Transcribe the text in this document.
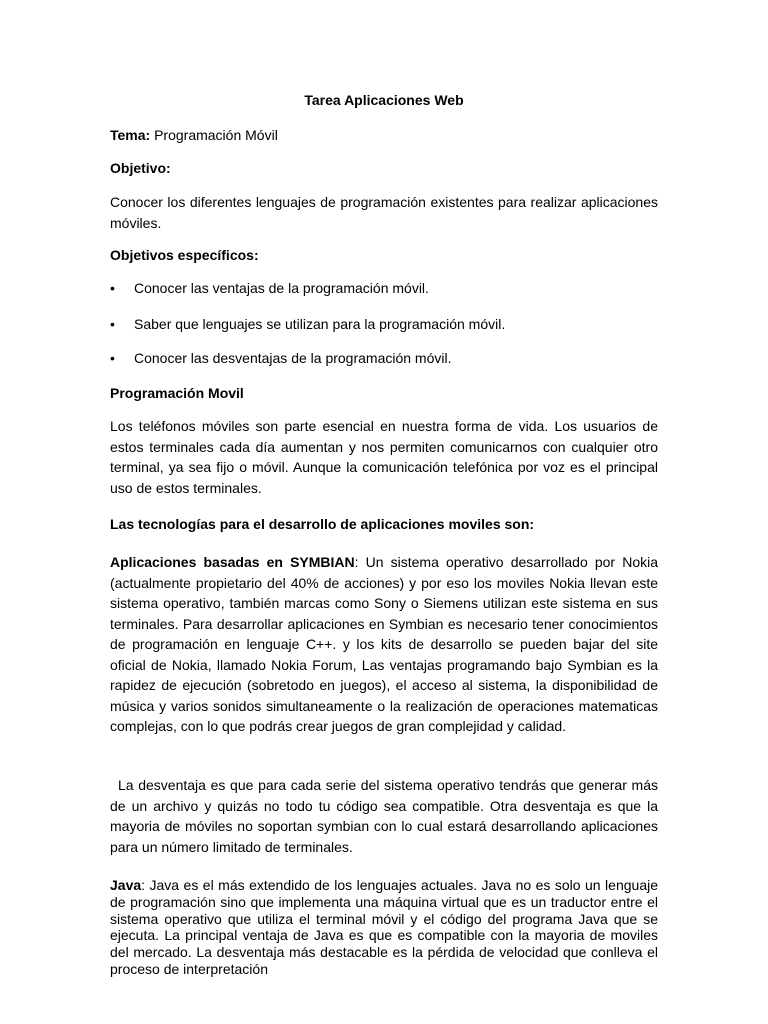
Tarea Aplicaciones Web
Tema: Programación Móvil
Objetivo:
Conocer los diferentes lenguajes de programación existentes para realizar aplicaciones móviles.
Objetivos específicos:
• Conocer las ventajas de la programación móvil.
• Saber que lenguajes se utilizan para la programación móvil.
• Conocer las desventajas de la programación móvil.
Programación Movil
Los teléfonos móviles son parte esencial en nuestra forma de vida. Los usuarios de estos terminales cada día aumentan y nos permiten comunicarnos con cualquier otro terminal, ya sea fijo o móvil. Aunque la comunicación telefónica por voz es el principal uso de estos terminales.
Las tecnologías para el desarrollo de aplicaciones moviles son:
Aplicaciones basadas en SYMBIAN: Un sistema operativo desarrollado por Nokia (actualmente propietario del 40% de acciones) y por eso los moviles Nokia llevan este sistema operativo, también marcas como Sony o Siemens utilizan este sistema en sus terminales. Para desarrollar aplicaciones en Symbian es necesario tener conocimientos de programación en lenguaje C++. y los kits de desarrollo se pueden bajar del site oficial de Nokia, llamado Nokia Forum, Las ventajas programando bajo Symbian es la rapidez de ejecución (sobretodo en juegos), el acceso al sistema, la disponibilidad de música y varios sonidos simultaneamente o la realización de operaciones matematicas complejas, con lo que podrás crear juegos de gran complejidad y calidad.
La desventaja es que para cada serie del sistema operativo tendrás que generar más de un archivo y quizás no todo tu código sea compatible. Otra desventaja es que la mayoria de móviles no soportan symbian con lo cual estará desarrollando aplicaciones para un número limitado de terminales.
Java: Java es el más extendido de los lenguajes actuales. Java no es solo un lenguaje de programación sino que implementa una máquina virtual que es un traductor entre el sistema operativo que utiliza el terminal móvil y el código del programa Java que se ejecuta. La principal ventaja de Java es que es compatible con la mayoria de moviles del mercado. La desventaja más destacable es la pérdida de velocidad que conlleva el proceso de interpretación
